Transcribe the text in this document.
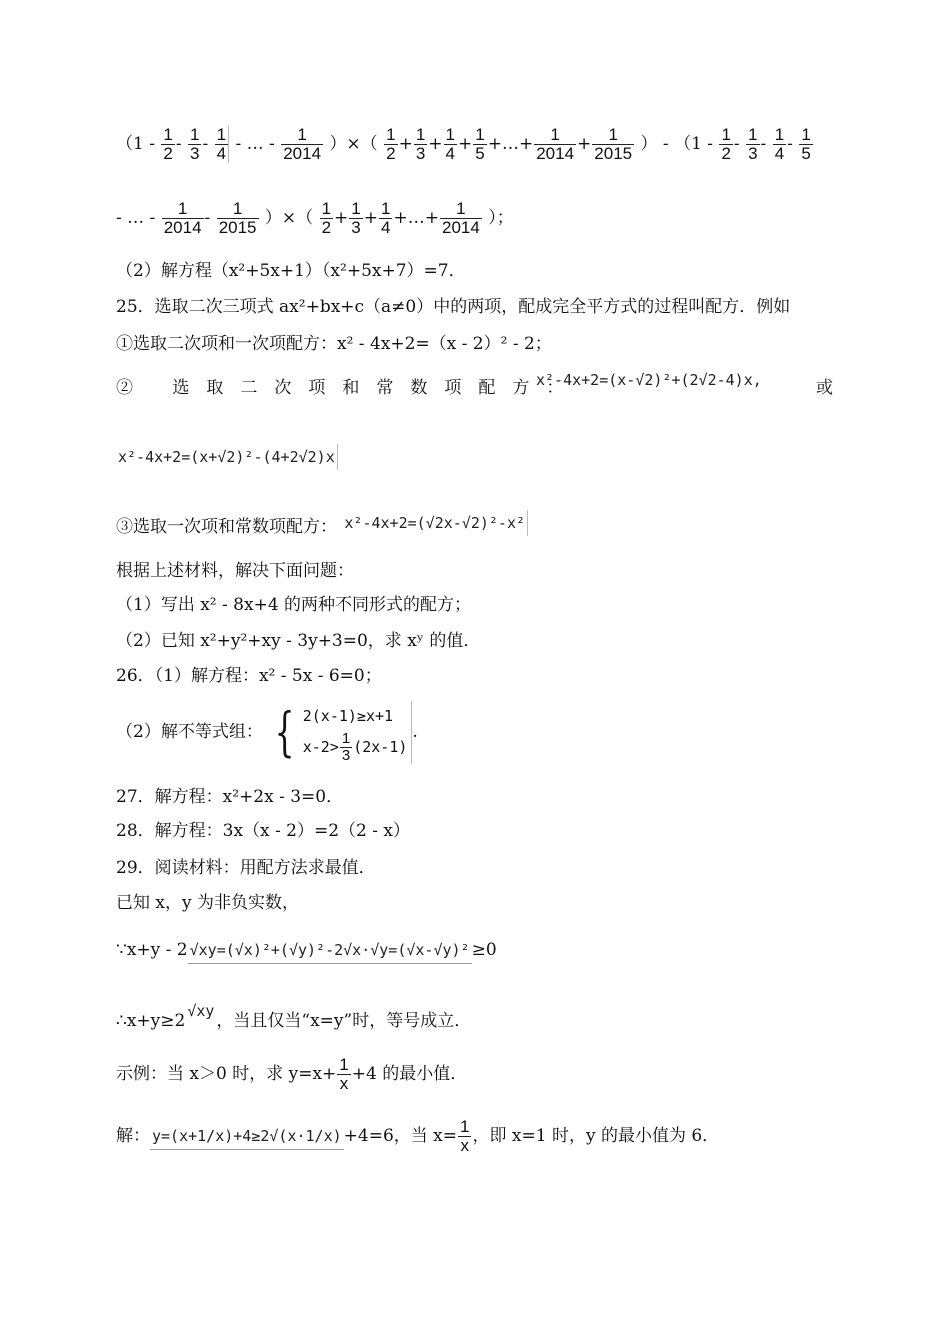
（$1 - \frac{1}{2} - \frac{1}{3} - \frac{1}{4}$ - … - $\frac{1}{2014}$ ）×（ $\frac{1}{2} + \frac{1}{3} + \frac{1}{4} + \frac{1}{5}$ +…+ $\frac{1}{2014} + \frac{1}{2015}$ ） - （$1 - \frac{1}{2} - \frac{1}{3} - \frac{1}{4} - \frac{1}{5}$
- … - $\frac{1}{2014} - \frac{1}{2015}$ ）×（ $\frac{1}{2} + \frac{1}{3} + \frac{1}{4}$ +…+ $\frac{1}{2014}$ ）；
（2）解方程（x²+5x+1）（x²+5x+7）=7．
25．选取二次三项式 ax²+bx+c（a≠0）中的两项，配成完全平方式的过程叫配方．例如
①选取二次项和一次项配方：x² - 4x+2=（x - 2）² - 2；
② 选取二次项和常数项配方：
x²-4x+2=(x-√2)²+(2√2-4)x,	或
x²-4x+2=(x+√2)²-(4+2√2)x
③选取一次项和常数项配方： x²-4x+2=(√2x-√2)²-x²
根据上述材料，解决下面问题：
（1）写出 x² - 8x+4 的两种不同形式的配方；
（2）已知 x²+y²+xy - 3y+3=0，求 xʸ 的值．
26．（1）解方程：x² - 5x - 6=0；
（2）解不等式组： { 2(x-1)≥x+1
$x-2> \frac{1}{3} (2x-1)$
.
27．解方程：x²+2x - 3=0．
28．解方程：3x（x - 2）=2（2 - x）
29．阅读材料：用配方法求最值．
已知 x，y 为非负实数，
∵x+y - 2 √xy=(√x)²+(√y)²-2√x·√y=(√x-√y)² ≥0
∴x+y≥2 √xy ，当且仅当“x=y”时，等号成立．
示例：当 x＞0 时，求 $y=x+ \frac{1}{x} +4$ 的最小值．
解： y=(x+1/x)+4≥2√(x·1/x) +4=6，当 $x= \frac{1}{x}$ ，即 x=1 时，y 的最小值为 6．
